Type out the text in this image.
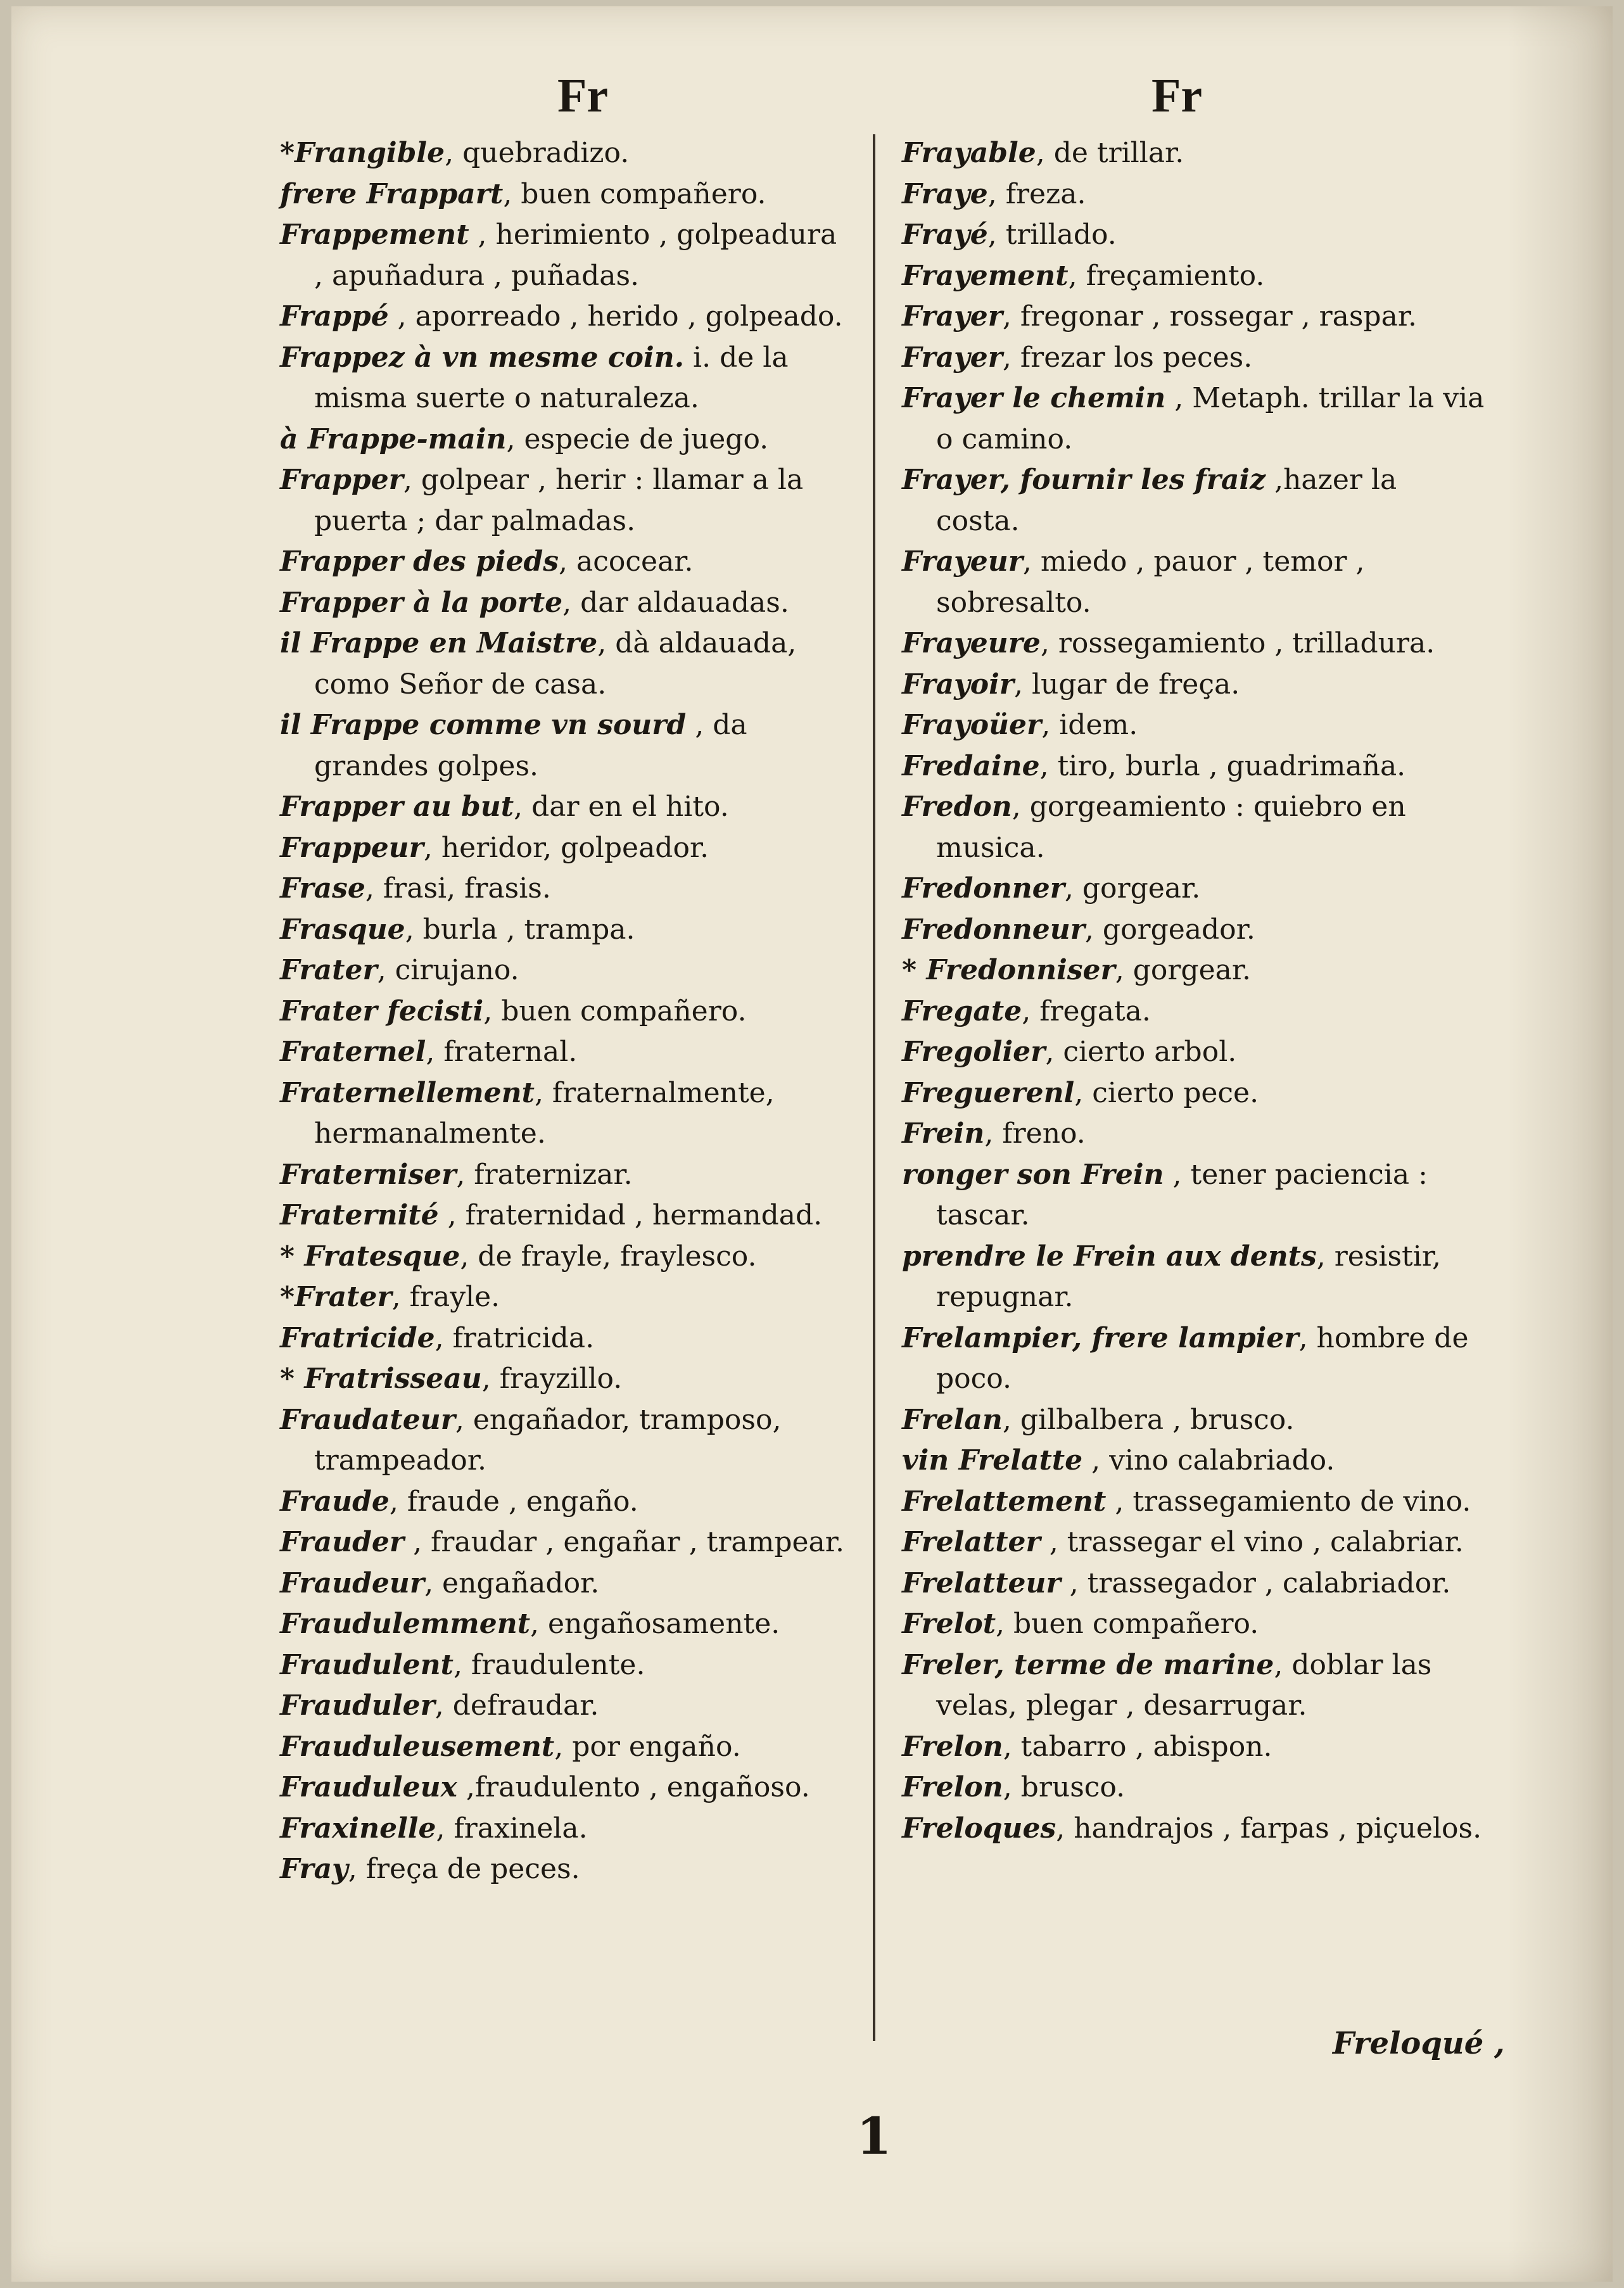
Fr	Fr

*Frangible, quebradizo.

frere Frappart, buen compañero.

Frappement , herimiento , golpeadura , apuñadura , puñadas.

Frappé , aporreado , herido , golpeado.

Frappez à vn mesme coin. i. de la misma suerte o naturaleza.

à Frappe-main, especie de juego.

Frapper, golpear , herir : llamar a la puerta ; dar palmadas.

Frapper des pieds, acocear.

Frapper à la porte, dar aldauadas.

il Frappe en Maistre, dà aldauada, como Señor de casa.

il Frappe comme vn sourd , da grandes golpes.

Frapper au but, dar en el hito.

Frappeur, heridor, golpeador.

Frase, frasi, frasis.

Frasque, burla , trampa.

Frater, cirujano.

Frater fecisti, buen compañero.

Fraternel, fraternal.

Fraternellement, fraternalmente, hermanalmente.

Fraterniser, fraternizar.

Fraternité , fraternidad , hermandad.

* Fratesque, de frayle, fraylesco.

*Frater, frayle.

Fratricide, fratricida.

* Fratrisseau, frayzillo.

Fraudateur, engañador, tramposo, trampeador.

Fraude, fraude , engaño.

Frauder , fraudar , engañar , trampear.

Fraudeur, engañador.

Fraudulemment, engañosamente.

Fraudulent, fraudulente.

Frauduler, defraudar.

Frauduleusement, por engaño.

Frauduleux ,fraudulento , engañoso.

Fraxinelle, fraxinela.

Fray, freça de peces.

Frayable, de trillar.

Fraye, freza.

Frayé, trillado.

Frayement, freçamiento.

Frayer, fregonar , rossegar , raspar.

Frayer, frezar los peces.

Frayer le chemin , Metaph. trillar la via o camino.

Frayer, fournir les fraiz ,hazer la costa.

Frayeur, miedo , pauor , temor , sobresalto.

Frayeure, rossegamiento , trilladura.

Frayoir, lugar de freça.

Frayoüer, idem.

Fredaine, tiro, burla , guadrimaña.

Fredon, gorgeamiento : quiebro en musica.

Fredonner, gorgear.

Fredonneur, gorgeador.

* Fredonniser, gorgear.

Fregate, fregata.

Fregolier, cierto arbol.

Freguerenl, cierto pece.

Frein, freno.

ronger son Frein , tener paciencia : tascar.

prendre le Frein aux dents, resistir, repugnar.

Frelampier, frere lampier, hombre de poco.

Frelan, gilbalbera , brusco.

vin Frelatte , vino calabriado.

Frelattement , trassegamiento de vino.

Frelatter , trassegar el vino , calabriar.

Frelatteur , trassegador , calabriador.

Frelot, buen compañero.

Freler, terme de marine, doblar las velas, plegar , desarrugar.

Frelon, tabarro , abispon.

Frelon, brusco.

Freloques, handrajos , farpas , piçuelos.

Freloqué ,
1
